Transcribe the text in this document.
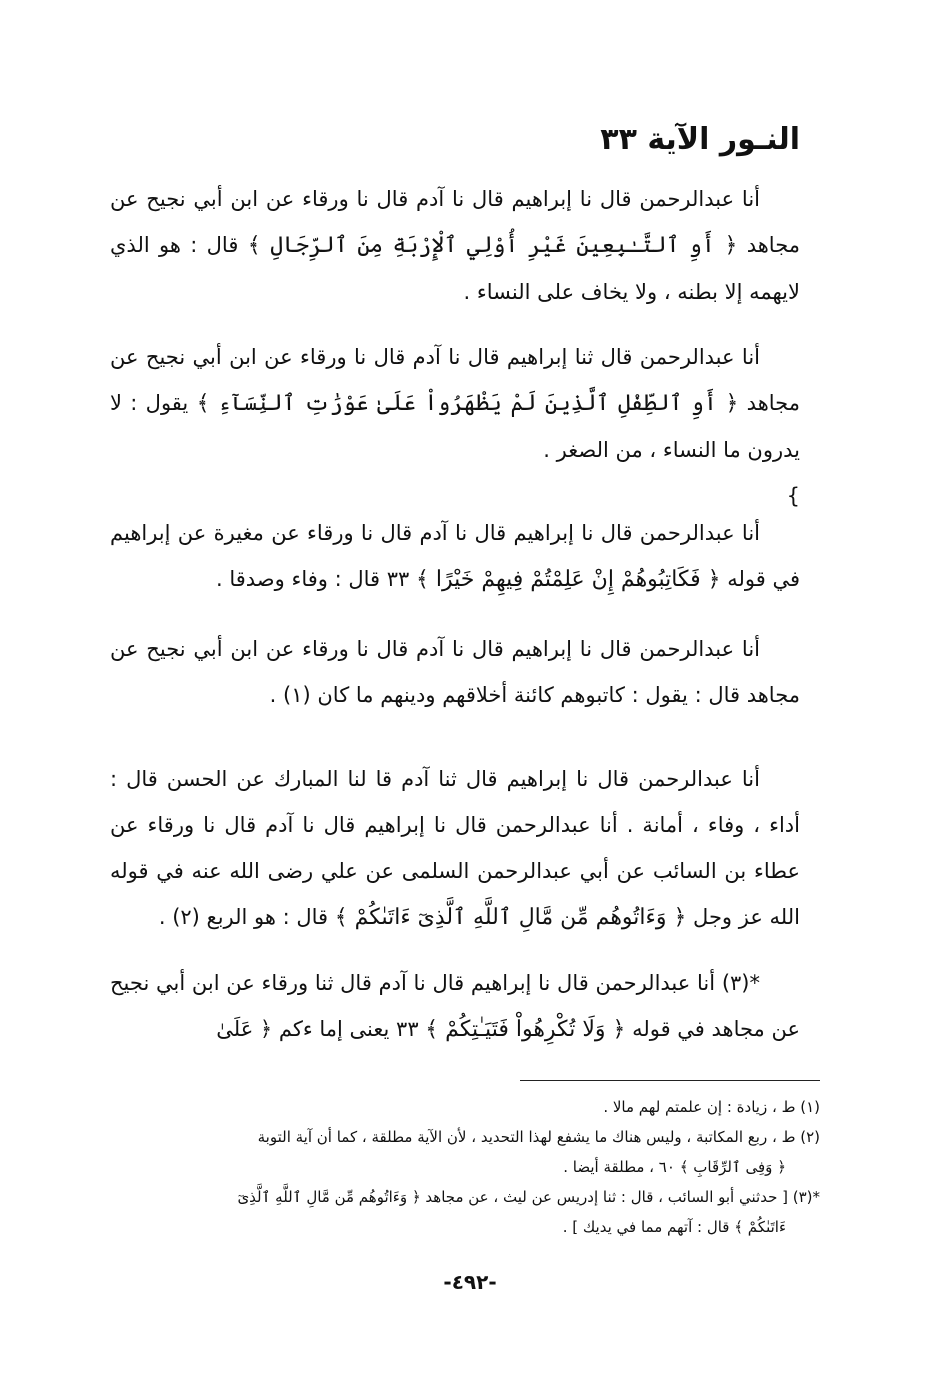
النـور الآية ٣٣

أنا عبدالرحمن قال نا إبراهيم قال نا آدم قال نا ورقاء عن ابن أبي نجيح عن مجاهد ﴿ أَوِ ٱلتَّـٰبِعِينَ غَيْرِ أُوْلِي ٱلْإِرْبَةِ مِنَ ٱلرِّجَالِ ﴾ قال : هو الذي لايهمه إلا بطنه ، ولا يخاف على النساء .

أنا عبدالرحمن قال ثنا إبراهيم قال نا آدم قال نا ورقاء عن ابن أبي نجيح عن مجاهد ﴿ أَوِ ٱلطِّفْلِ ٱلَّذِينَ لَمْ يَظْهَرُواْ عَلَىٰ عَوْرَٰتِ ٱلنِّسَآءِ ﴾ يقول : لا يدرون ما النساء ، من الصغر .

}

أنا عبدالرحمن قال نا إبراهيم قال نا آدم قال نا ورقاء عن مغيرة عن إبراهيم في قوله ﴿ فَكَاتِبُوهُمْ إِنْ عَلِمْتُمْ فِيهِمْ خَيْرًا ﴾ ٣٣ قال : وفاء وصدقا .

أنا عبدالرحمن قال نا إبراهيم قال نا آدم قال نا ورقاء عن ابن أبي نجيح عن مجاهد قال : يقول : كاتبوهم كائنة أخلاقهم ودينهم ما كان (١) .

أنا عبدالرحمن قال نا إبراهيم قال ثنا آدم قا لنا المبارك عن الحسن قال : أداء ، وفاء ، أمانة . أنا عبدالرحمن قال نا إبراهيم قال نا آدم قال نا ورقاء عن عطاء بن السائب عن أبي عبدالرحمن السلمى عن علي رضى الله عنه في قوله الله عز وجل ﴿ وَءَاتُوهُم مِّن مَّالِ ٱللَّهِ ٱلَّذِىٓ ءَاتَىٰكُمْ ﴾ قال : هو الربع (٢) .

*(٣) أنا عبدالرحمن قال نا إبراهيم قال نا آدم قال ثنا ورقاء عن ابن أبي نجيح عن مجاهد في قوله ﴿ وَلَا تُكْرِهُواْ فَتَيَـٰتِكُمْ ﴾ ٣٣ يعنى إما ءكم ﴿ عَلَىٰ

(١) ط ، زيادة : إن علمتم لهم مالا .

(٢) ط ، ربع المكاتبة ، وليس هناك ما يشفع لهذا التحديد ، لأن الآية مطلقة ، كما أن آية التوبة

﴿ وَفِى ٱلرِّقَابِ ﴾ ٦٠ ، مطلقة أيضا .

*(٣) [ حدثني أبو السائب ، قال : ثنا إدريس عن ليث ، عن مجاهد ﴿ وَءَاتُوهُم مِّن مَّالِ ٱللَّهِ ٱلَّذِىٓ

ءَاتَىٰكُمْ ﴾ قال : آتهم مما في يديك ] .

-٤٩٢-
